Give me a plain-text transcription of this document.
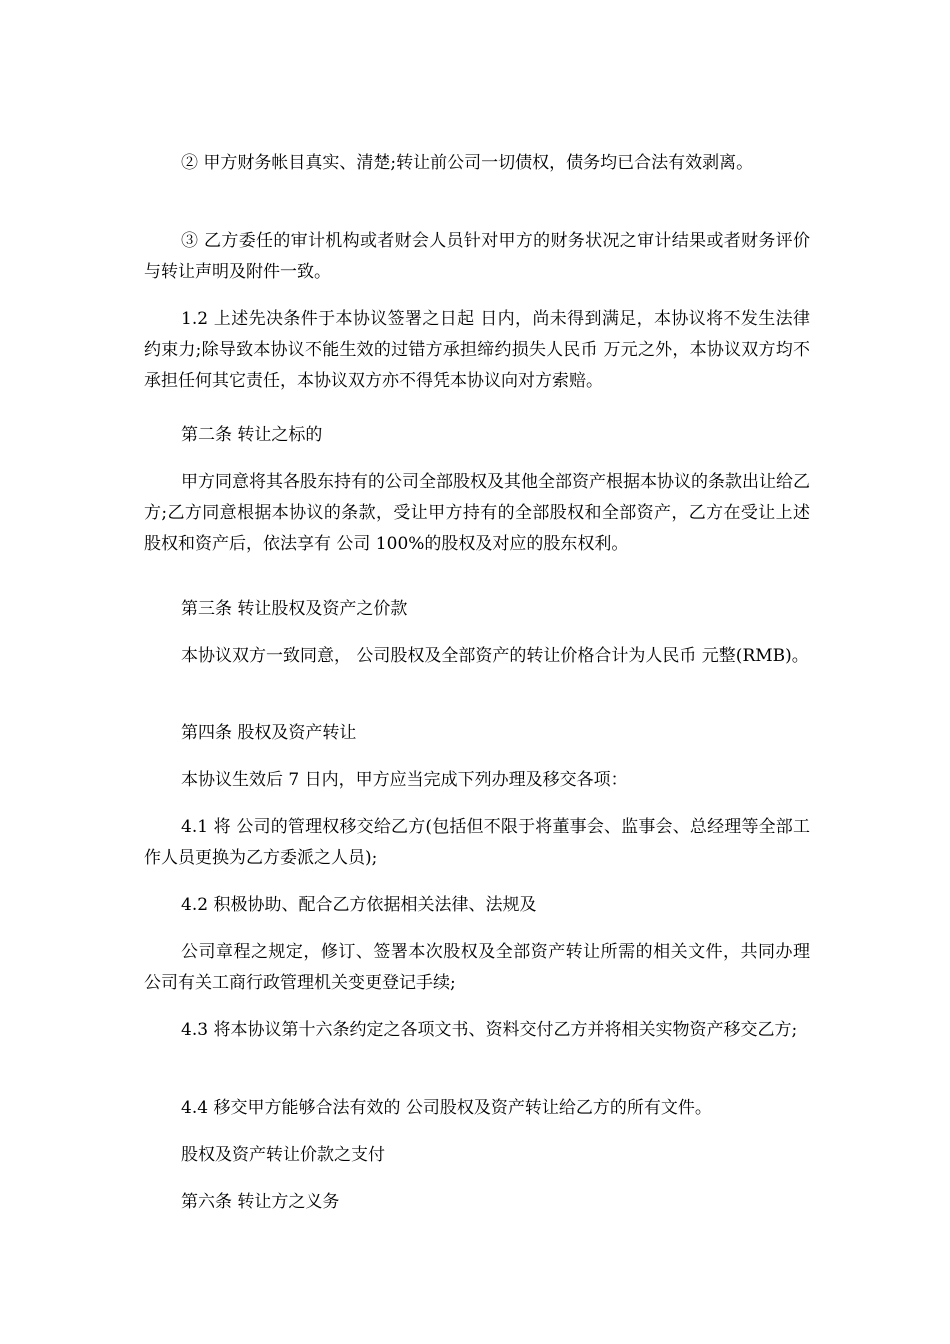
② 甲方财务帐目真实、清楚;转让前公司一切债权，债务均已合法有效剥离。

③ 乙方委任的审计机构或者财会人员针对甲方的财务状况之审计结果或者财务评价与转让声明及附件一致。

1.2 上述先决条件于本协议签署之日起 日内，尚未得到满足，本协议将不发生法律约束力;除导致本协议不能生效的过错方承担缔约损失人民币 万元之外，本协议双方均不承担任何其它责任，本协议双方亦不得凭本协议向对方索赔。

第二条 转让之标的

甲方同意将其各股东持有的公司全部股权及其他全部资产根据本协议的条款出让给乙方;乙方同意根据本协议的条款，受让甲方持有的全部股权和全部资产，乙方在受让上述股权和资产后，依法享有 公司 100%的股权及对应的股东权利。

第三条 转让股权及资产之价款

本协议双方一致同意， 公司股权及全部资产的转让价格合计为人民币 元整(RMB)。

第四条 股权及资产转让

本协议生效后 7 日内，甲方应当完成下列办理及移交各项：

4.1 将 公司的管理权移交给乙方(包括但不限于将董事会、监事会、总经理等全部工作人员更换为乙方委派之人员);

4.2 积极协助、配合乙方依据相关法律、法规及

公司章程之规定，修订、签署本次股权及全部资产转让所需的相关文件，共同办理 公司有关工商行政管理机关变更登记手续;

4.3 将本协议第十六条约定之各项文书、资料交付乙方并将相关实物资产移交乙方;

4.4 移交甲方能够合法有效的 公司股权及资产转让给乙方的所有文件。

股权及资产转让价款之支付

第六条 转让方之义务
